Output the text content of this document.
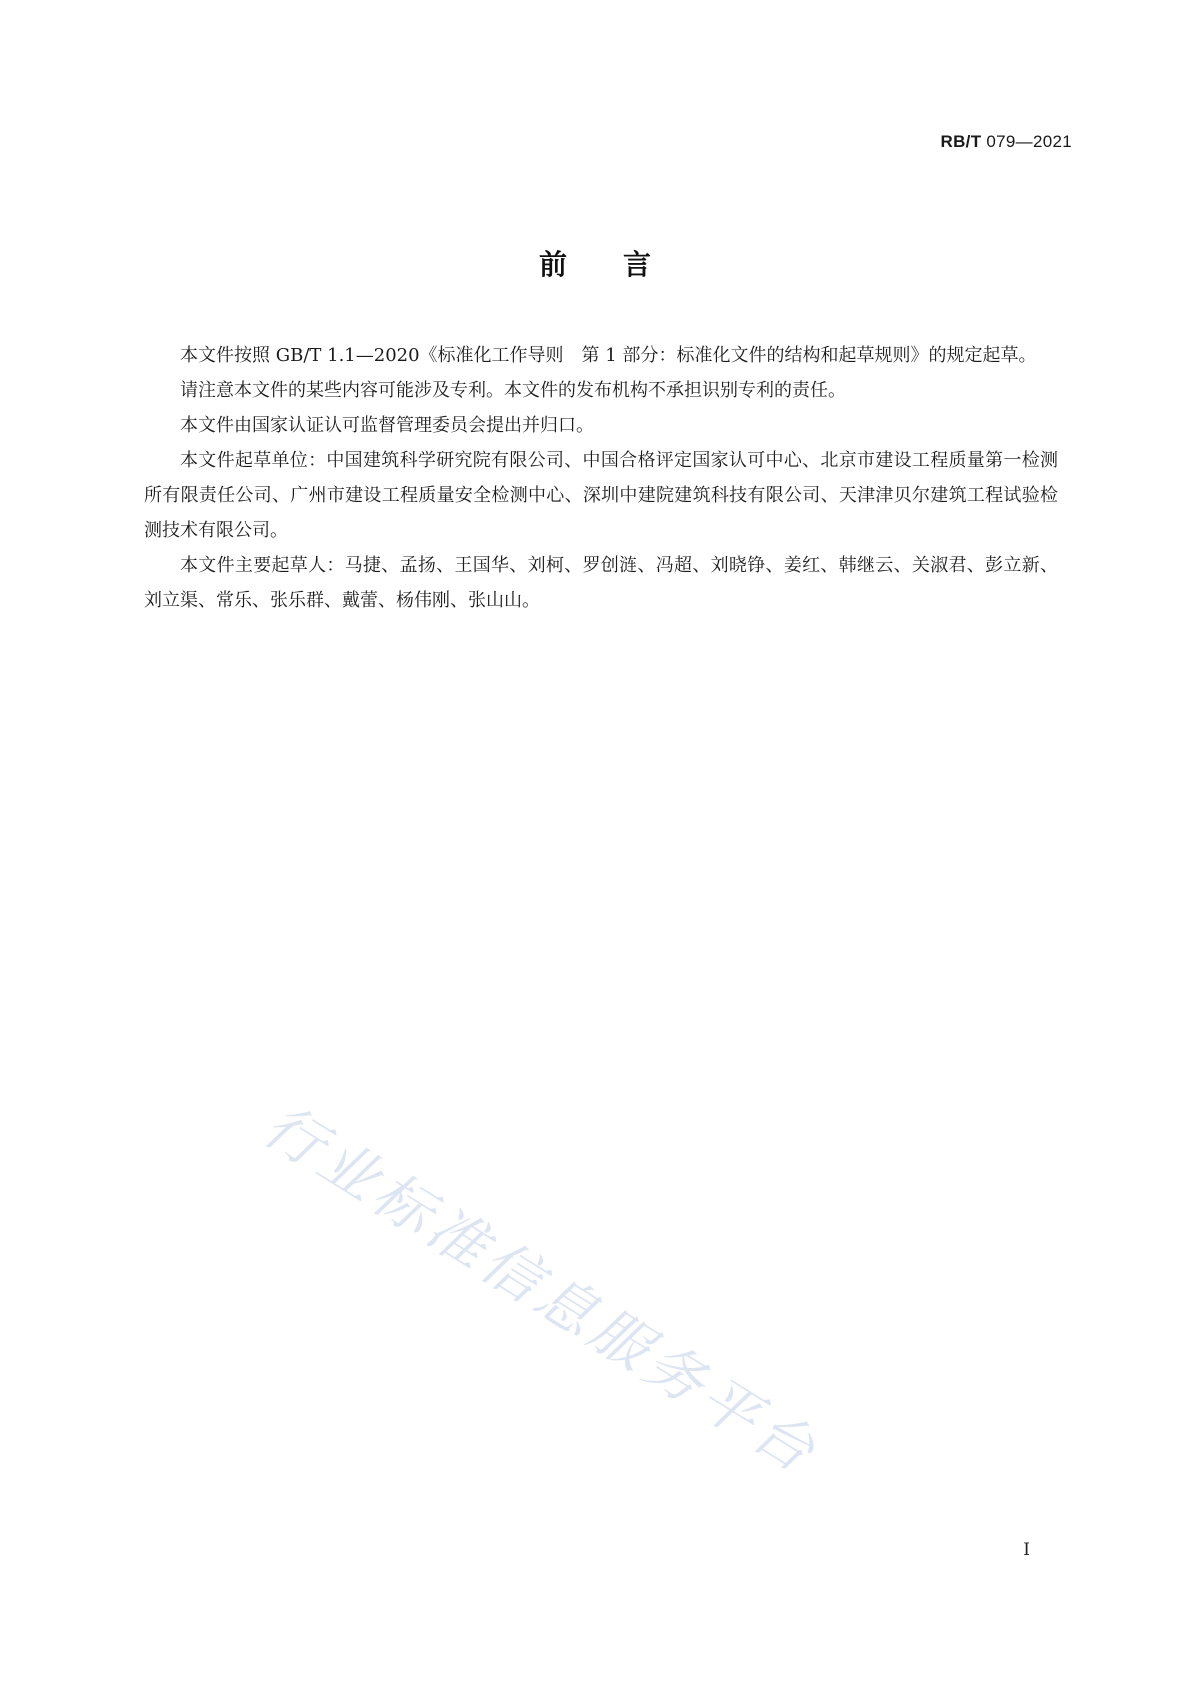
RB/T 079—2021
前言

本文件按照 GB/T 1.1—2020《标准化工作导则　第 1 部分：标准化文件的结构和起草规则》的规定起草。

请注意本文件的某些内容可能涉及专利。本文件的发布机构不承担识别专利的责任。

本文件由国家认证认可监督管理委员会提出并归口。

本文件起草单位：中国建筑科学研究院有限公司、中国合格评定国家认可中心、北京市建设工程质量第一检测所有限责任公司、广州市建设工程质量安全检测中心、深圳中建院建筑科技有限公司、天津津贝尔建筑工程试验检测技术有限公司。

本文件主要起草人：马捷、孟扬、王国华、刘柯、罗创涟、冯超、刘晓铮、姜红、韩继云、关淑君、彭立新、刘立渠、常乐、张乐群、戴蕾、杨伟刚、张山山。

行业标准信息服务平台
Ⅰ
